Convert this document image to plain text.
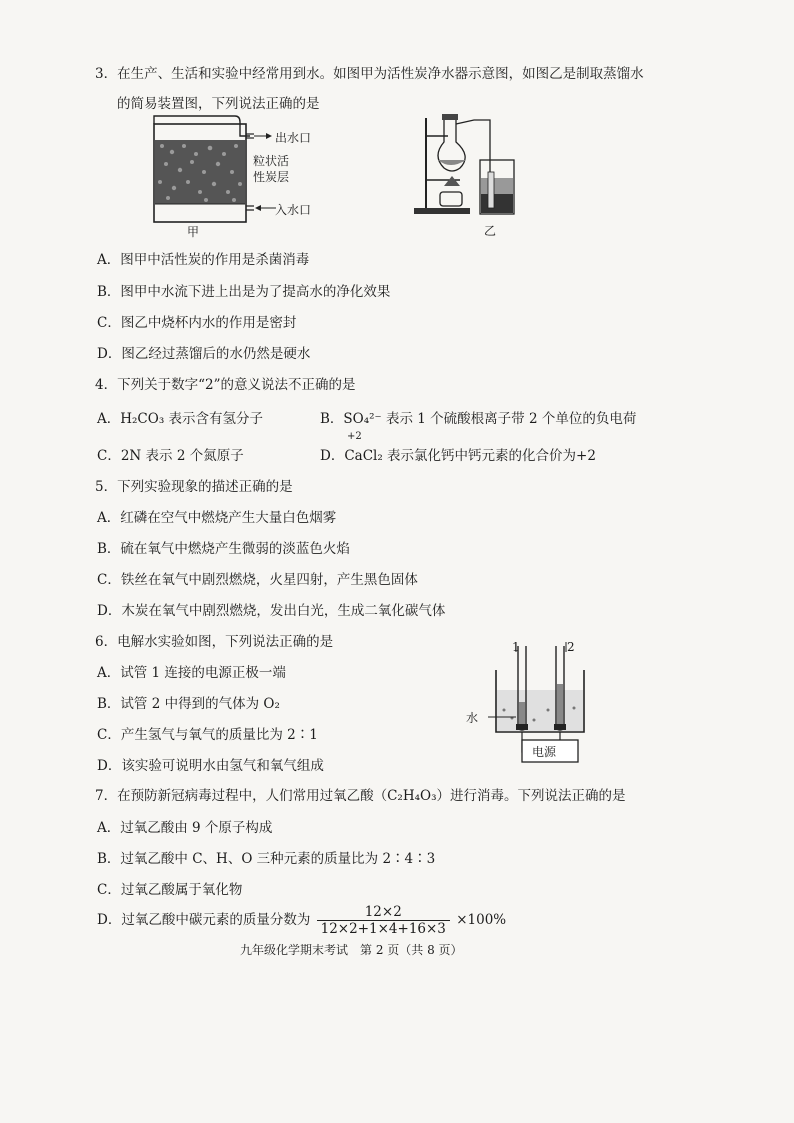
3．在生产、生活和实验中经常用到水。如图甲为活性炭净水器示意图，如图乙是制取蒸馏水
的简易装置图，下列说法正确的是
出水口
粒状活
性炭层
入水口
甲	乙
A．图甲中活性炭的作用是杀菌消毒
B．图甲中水流下进上出是为了提高水的净化效果
C．图乙中烧杯内水的作用是密封
D．图乙经过蒸馏后的水仍然是硬水
4．下列关于数字“2”的意义说法不正确的是
A．H₂CO₃ 表示含有氢分子	B．SO₄²⁻ 表示 1 个硫酸根离子带 2 个单位的负电荷
C．2N 表示 2 个氮原子
+2
D．CaCl₂ 表示氯化钙中钙元素的化合价为+2
5．下列实验现象的描述正确的是
A．红磷在空气中燃烧产生大量白色烟雾
B．硫在氧气中燃烧产生微弱的淡蓝色火焰
C．铁丝在氧气中剧烈燃烧，火星四射，产生黑色固体
D．木炭在氧气中剧烈燃烧，发出白光，生成二氧化碳气体
6．电解水实验如图，下列说法正确的是
A．试管 1 连接的电源正极一端
B．试管 2 中得到的气体为 O₂
C．产生氢气与氧气的质量比为 2∶1
D．该实验可说明水由氢气和氧气组成
1	2
水
电源
7．在预防新冠病毒过程中，人们常用过氧乙酸（C₂H₄O₃）进行消毒。下列说法正确的是
A．过氧乙酸由 9 个原子构成
B．过氧乙酸中 C、H、O 三种元素的质量比为 2∶4∶3
C．过氧乙酸属于氧化物
D．过氧乙酸中碳元素的质量分数为 $\frac{12\times 2}{12\times 2+1\times 4+16\times 3} \times 100\%$
九年级化学期末考试　第 2 页（共 8 页）
